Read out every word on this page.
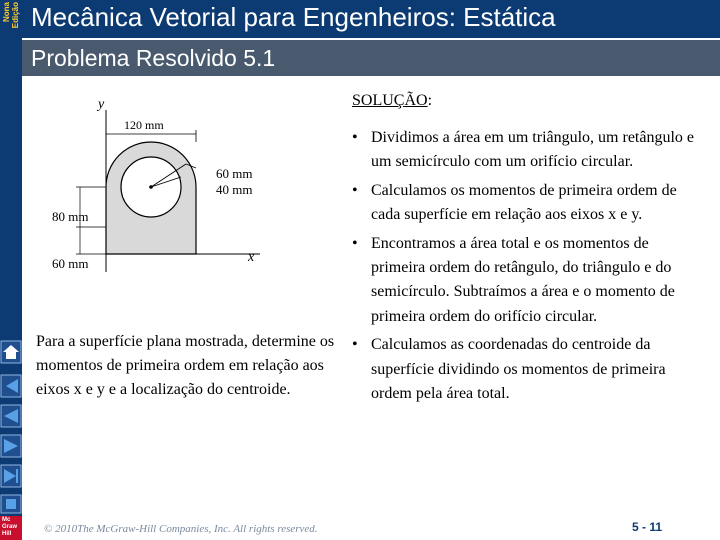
Nona Edição
Mc
Graw
Hill
Mecânica Vetorial para Engenheiros: Estática
Problema Resolvido 5.1
y
x
120 mm
60 mm
40 mm
80 mm
60 mm

Para a superfície plana mostrada, determine os momentos de primeira ordem em relação aos eixos x e y e a localização do centroide.

SOLUÇÃO:
• Dividimos a área em um triângulo, um retângulo e um semicírculo com um orifício circular.
• Calculamos os momentos de primeira ordem de cada superfície em relação aos eixos x e y.
• Encontramos a área total e os momentos de primeira ordem do retângulo, do triângulo e do semicírculo. Subtraímos a área e o momento de primeira ordem do orifício circular.
• Calculamos as coordenadas do centroide da superfície dividindo os momentos de primeira ordem pela área total.
© 2010The McGraw-Hill Companies, Inc. All rights reserved.	5 - 11
